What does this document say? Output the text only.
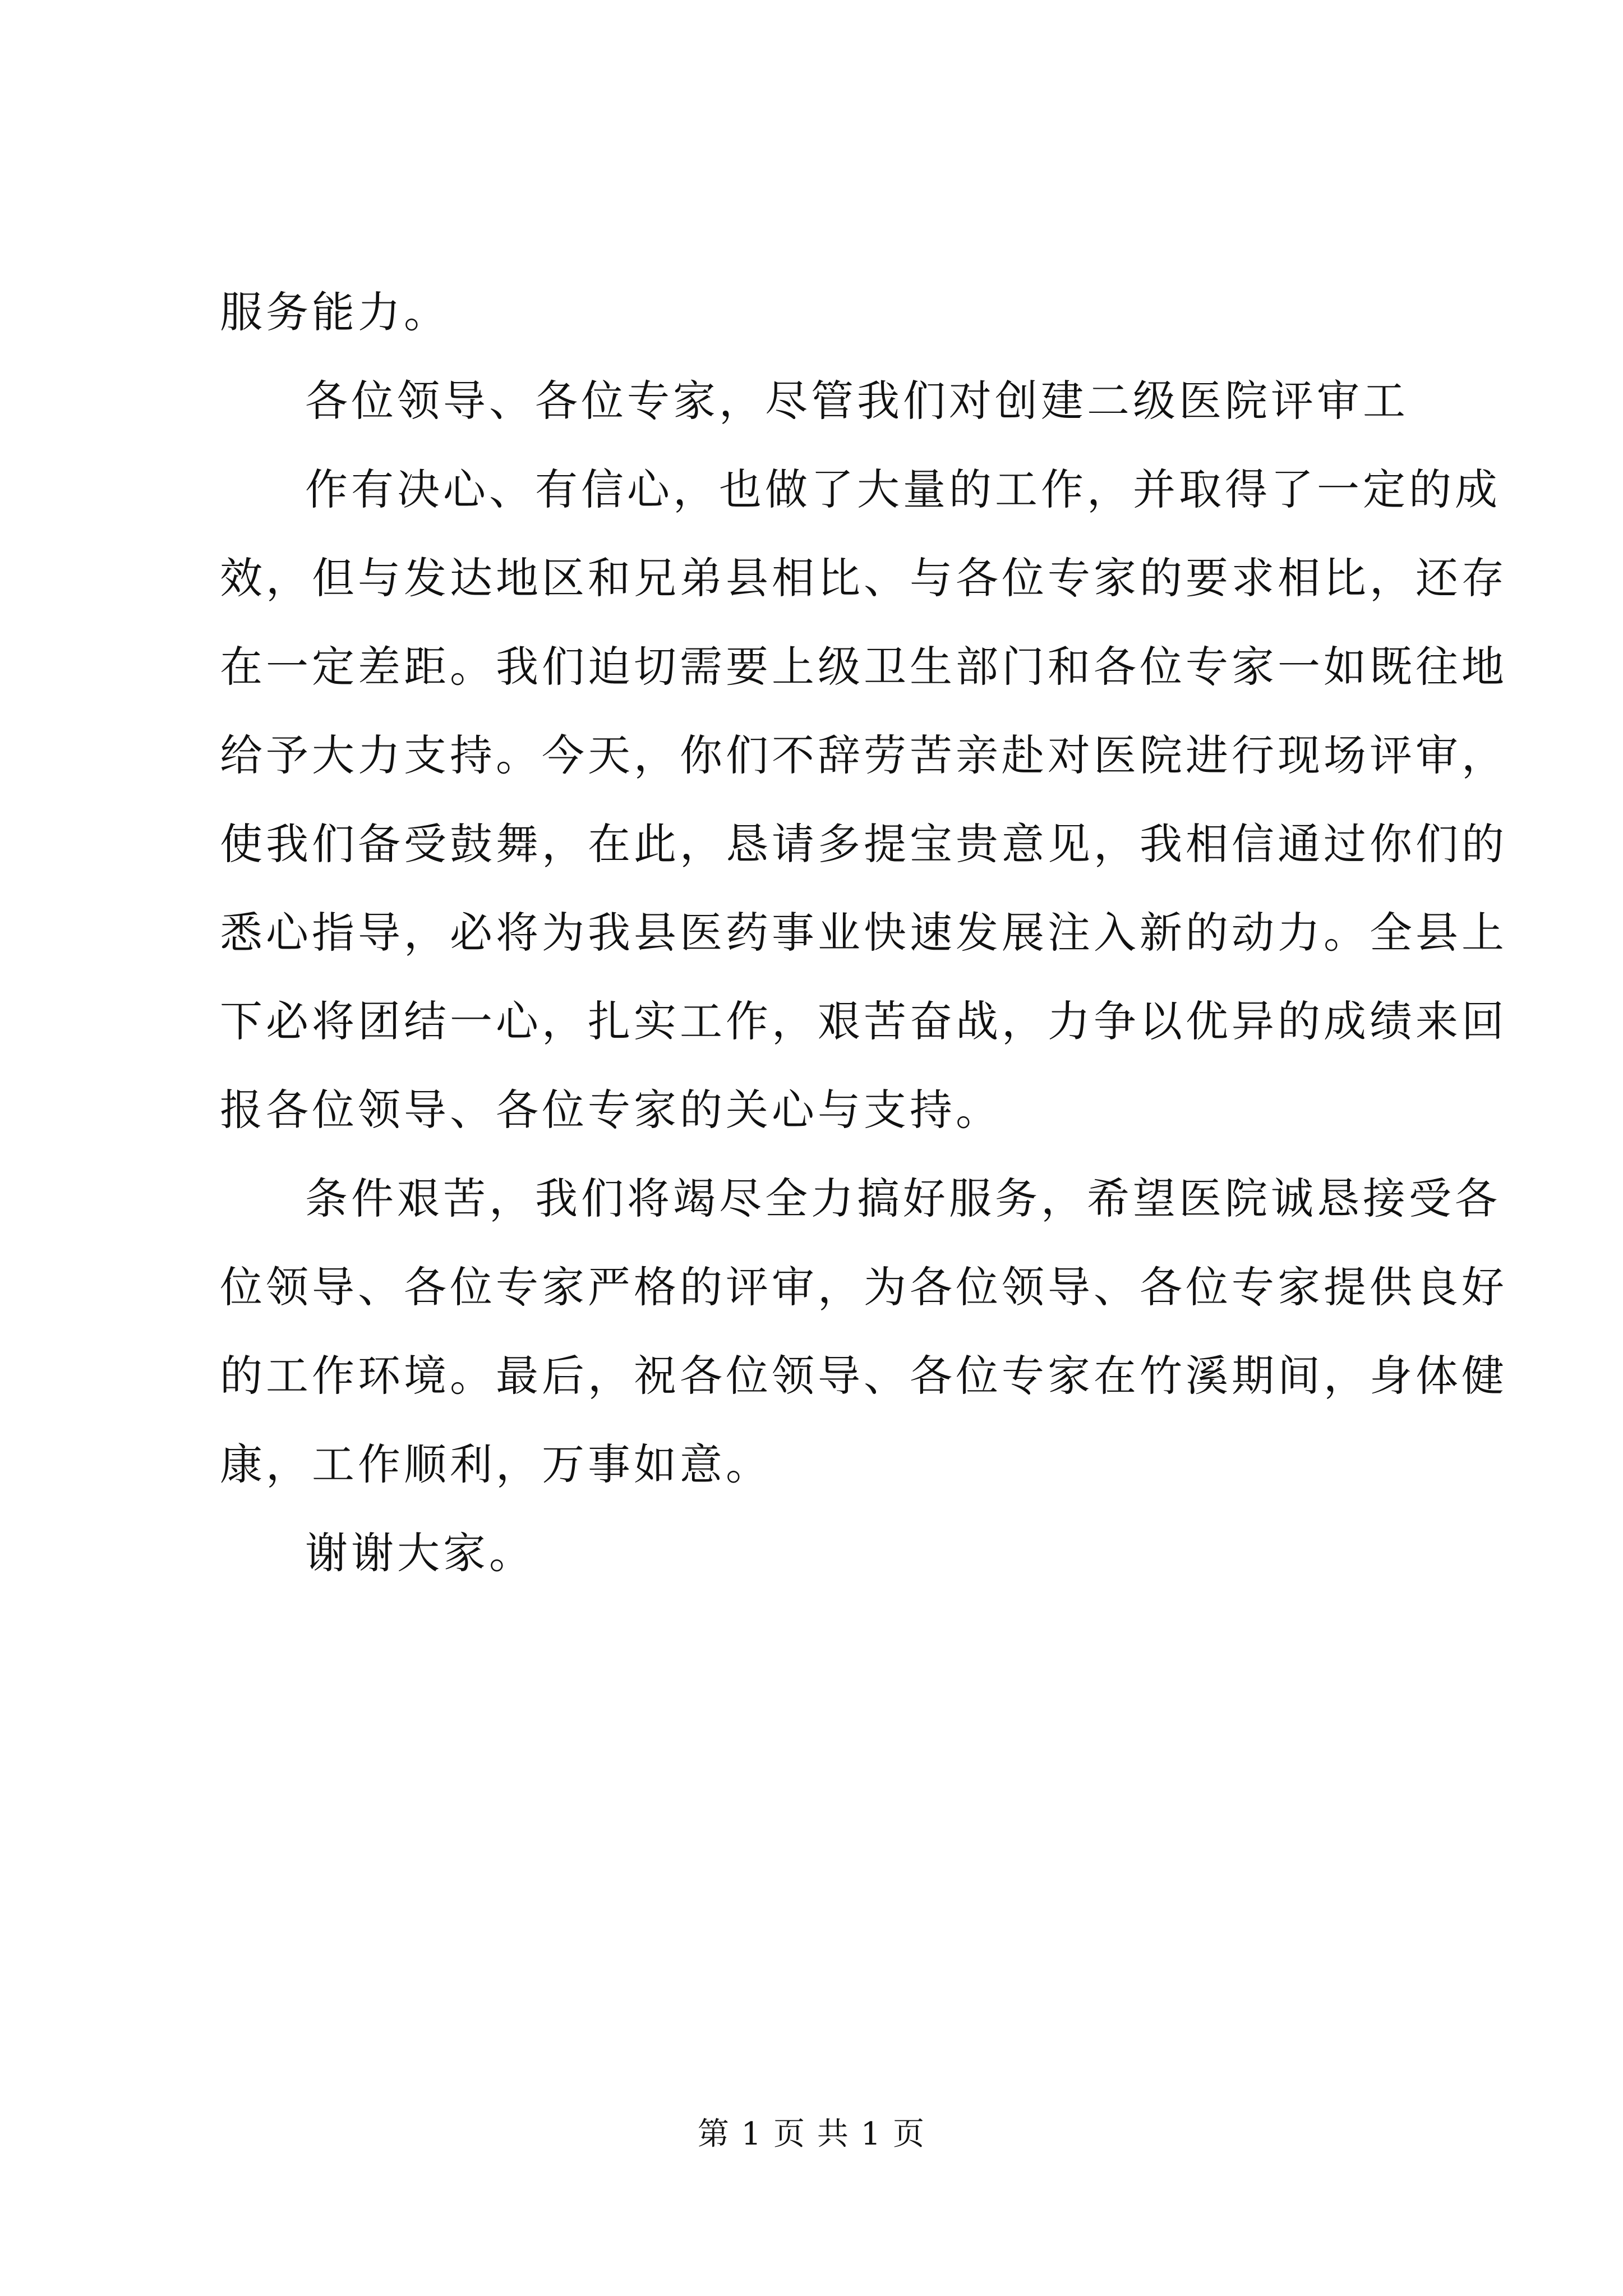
服务能力。

各位领导、各位专家，尽管我们对创建二级医院评审工

作有决心、有信心，也做了大量的工作，并取得了一定的成

效，但与发达地区和兄弟县相比、与各位专家的要求相比，还存

在一定差距。我们迫切需要上级卫生部门和各位专家一如既往地

给予大力支持。今天，你们不辞劳苦亲赴对医院进行现场评审，

使我们备受鼓舞，在此，恳请多提宝贵意见，我相信通过你们的

悉心指导，必将为我县医药事业快速发展注入新的动力。全县上

下必将团结一心，扎实工作，艰苦奋战，力争以优异的成绩来回

报各位领导、各位专家的关心与支持。

条件艰苦，我们将竭尽全力搞好服务，希望医院诚恳接受各

位领导、各位专家严格的评审，为各位领导、各位专家提供良好

的工作环境。最后，祝各位领导、各位专家在竹溪期间，身体健

康，工作顺利，万事如意。

谢谢大家。

第 1 页 共 1 页
